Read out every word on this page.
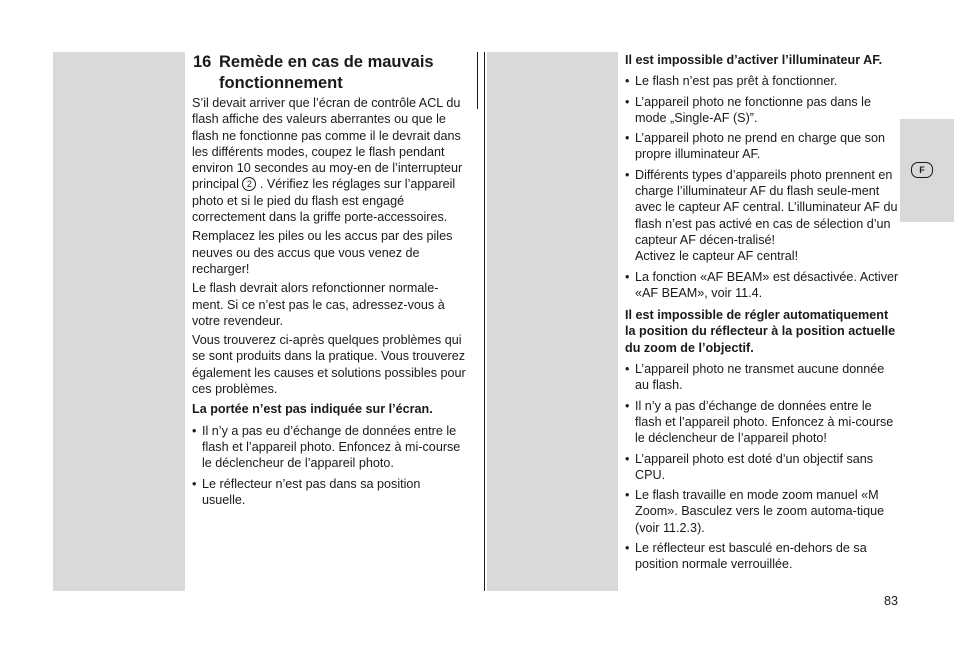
16 Remède en cas de mauvais
fonctionnement

S’il devait arriver que l’écran de contrôle ACL du flash affiche des valeurs aberrantes ou que le flash ne fonctionne pas comme il le devrait dans les différents modes, coupez le flash pendant environ 10 secondes au moy-en de l’interrupteur principal 2 . Vérifiez les réglages sur l’appareil photo et si le pied du flash est engagé correctement dans la griffe porte-accessoires.

Remplacez les piles ou les accus par des piles neuves ou des accus que vous venez de recharger!

Le flash devrait alors refonctionner normale-ment. Si ce n’est pas le cas, adressez-vous à votre revendeur.

Vous trouverez ci-après quelques problèmes qui se sont produits dans la pratique. Vous trouverez également les causes et solutions possibles pour ces problèmes.

La portée n’est pas indiquée sur l’écran.
• Il n’y a pas eu d’échange de données entre le flash et l’appareil photo. Enfoncez à mi-course le déclencheur de l’appareil photo.
• Le réflecteur n’est pas dans sa position usuelle.
Il est impossible d’activer l’illuminateur AF.
• Le flash n’est pas prêt à fonctionner.
• L’appareil photo ne fonctionne pas dans le mode „Single-AF (S)”.
• L’appareil photo ne prend en charge que son propre illuminateur AF.
• Différents types d’appareils photo prennent en charge l’illuminateur AF du flash seule-ment avec le capteur AF central. L’illuminateur AF du flash n’est pas activé en cas de sélection d’un capteur AF décen-tralisé!
Activez le capteur AF central!
• La fonction «AF BEAM» est désactivée. Activer «AF BEAM», voir 11.4.
Il est impossible de régler automatiquement la position du réflecteur à la position actuelle du zoom de l’objectif.
• L’appareil photo ne transmet aucune donnée au flash.
• Il n’y a pas d’échange de données entre le flash et l’appareil photo. Enfoncez à mi-course le déclencheur de l’appareil photo!
• L’appareil photo est doté d’un objectif sans CPU.
• Le flash travaille en mode zoom manuel «M Zoom». Basculez vers le zoom automa-tique (voir 11.2.3).
• Le réflecteur est basculé en-dehors de sa position normale verrouillée.
F
83
